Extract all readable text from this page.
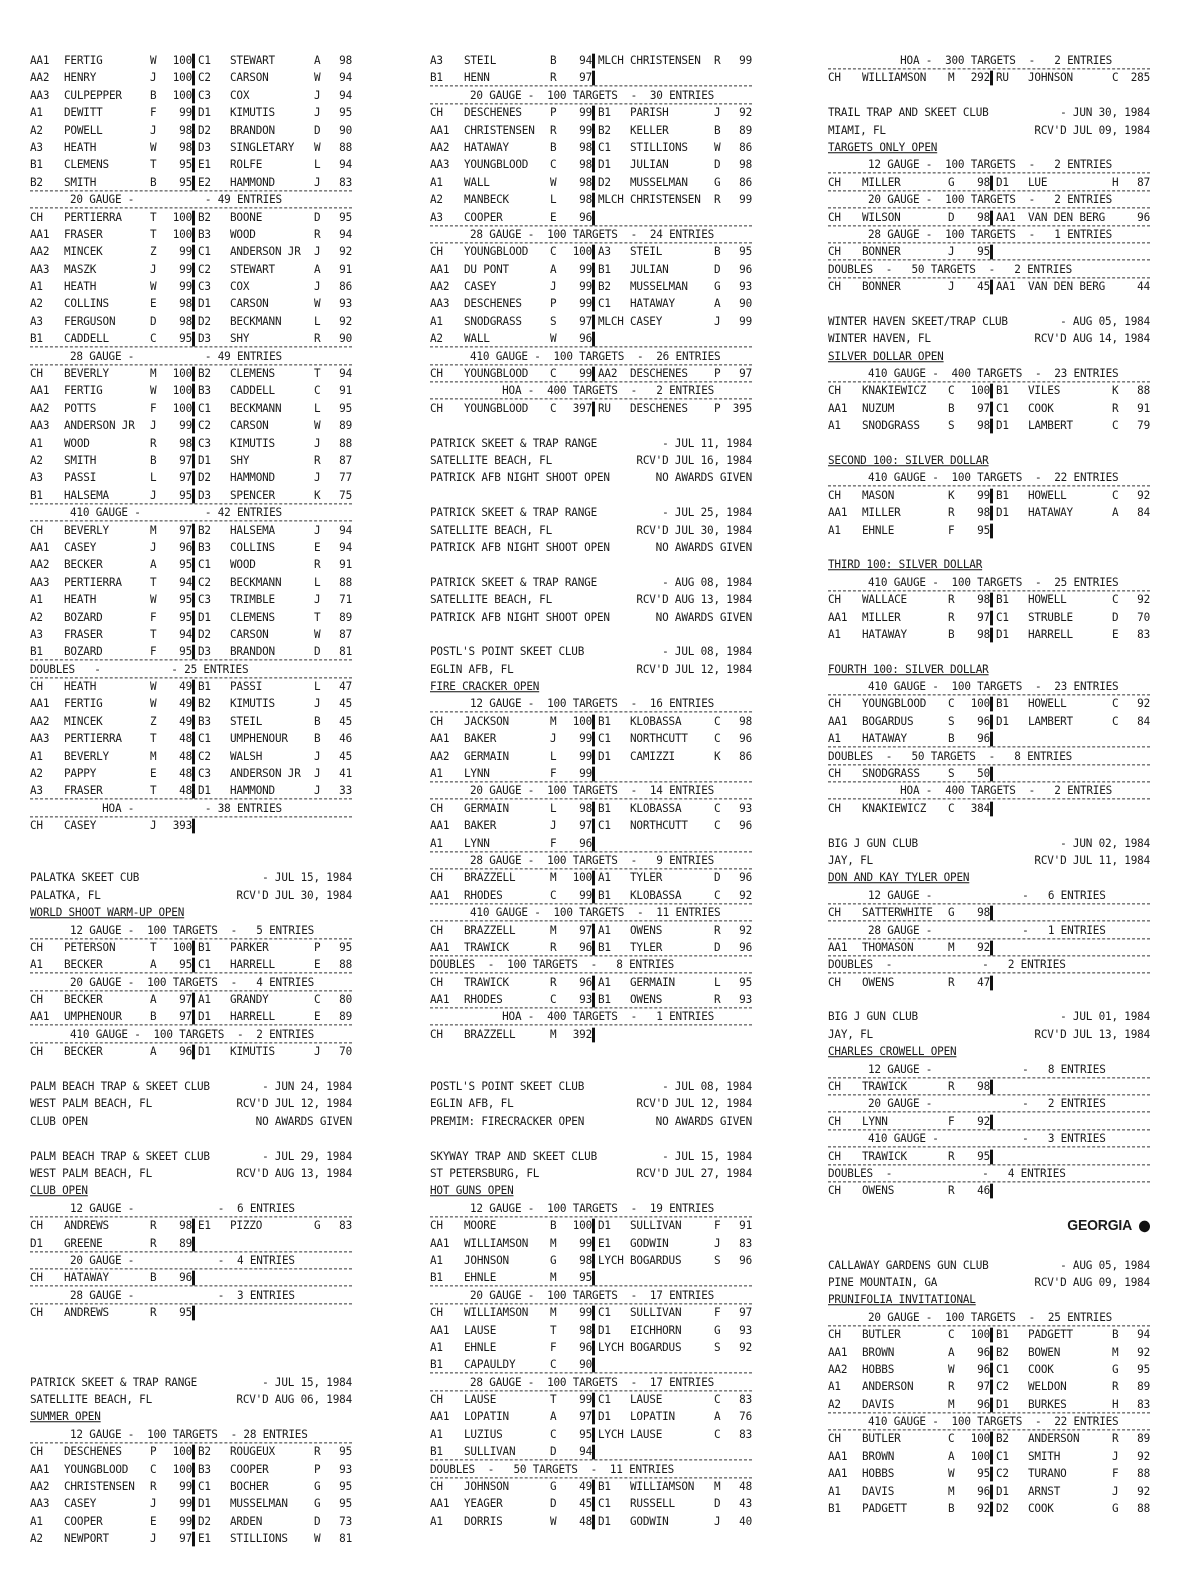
AA1 FERTIG	W 100 C1 STEWART	A 98
AA2 HENRY	J 100 C2 CARSON	W 94
AA3 CULPEPPER	B 100 C3 COX	J 94
A1 DEWITT	F 99 D1 KIMUTIS	J 95
A2 POWELL	J 98 D2 BRANDON	D 90
A3 HEATH	W 98 D3 SINGLETARY W 88
B1 CLEMENS	T 95 E1 ROLFE	L 94
B2 SMITH	B 95 E2 HAMMOND	J 83
20 GAUGE -           - 49 ENTRIES
CH PERTIERRA	T 100 B2 BOONE	D 95
AA1 FRASER	T 100 B3 WOOD	R 94
AA2 MINCEK	Z 99 C1 ANDERSON JR J 92
AA3 MASZK	J 99 C2 STEWART	A 91
A1 HEATH	W 99 C3 COX	J 86
A2 COLLINS	E 98 D1 CARSON	W 93
A3 FERGUSON	D 98 D2 BECKMANN	L 92
B1 CADDELL	C 95 D3 SHY	R 90
28 GAUGE -           - 49 ENTRIES
CH BEVERLY	M 100 B2 CLEMENS	T 94
AA1 FERTIG	W 100 B3 CADDELL	C 91
AA2 POTTS	F 100 C1 BECKMANN	L 95
AA3 ANDERSON JR J 99 C2 CARSON	W 89
A1 WOOD	R 98 C3 KIMUTIS	J 88
A2 SMITH	B 97 D1 SHY	R 87
A3 PASSI	L 97 D2 HAMMOND	J 77
B1 HALSEMA	J 95 D3 SPENCER	K 75
410 GAUGE -          - 42 ENTRIES
CH BEVERLY	M 97 B2 HALSEMA	J 94
AA1 CASEY	J 96 B3 COLLINS	E 94
AA2 BECKER	A 95 C1 WOOD	R 91
AA3 PERTIERRA	T 94 C2 BECKMANN	L 88
A1 HEATH	W 95 C3 TRIMBLE	J 71
A2 BOZARD	F 95 D1 CLEMENS	T 89
A3 FRASER	T 94 D2 CARSON	W 87
B1 BOZARD	F 95 D3 BRANDON	D 81
DOUBLES   -           - 25 ENTRIES
CH HEATH	W 49 B1 PASSI	L 47
AA1 FERTIG	W 49 B2 KIMUTIS	J 45
AA2 MINCEK	Z 49 B3 STEIL	B 45
AA3 PERTIERRA	T 48 C1 UMPHENOUR B 46
A1 BEVERLY	M 48 C2 WALSH	J 45
A2 PAPPY	E 48 C3 ANDERSON JR J 41
A3 FRASER	T 48 D1 HAMMOND	J 33
HOA -           - 38 ENTRIES
CH CASEY	J 393
PALATKA SKEET CUB	- JUL 15, 1984
PALATKA, FL	RCV'D JUL 30, 1984
WORLD SHOOT WARM-UP OPEN
12 GAUGE -  100 TARGETS  -   5 ENTRIES
CH PETERSON	T 100 B1 PARKER	P 95
A1 BECKER	A 95 C1 HARRELL	E 88
20 GAUGE -  100 TARGETS  -   4 ENTRIES
CH BECKER	A 97 A1 GRANDY	C 80
AA1 UMPHENOUR	B 97 D1 HARRELL	E 89
410 GAUGE -  100 TARGETS  -  2 ENTRIES
CH BECKER	A 96 D1 KIMUTIS	J 70
PALM BEACH TRAP & SKEET CLUB	- JUN 24, 1984
WEST PALM BEACH, FL	RCV'D JUL 12, 1984
CLUB OPEN	NO AWARDS GIVEN
PALM BEACH TRAP & SKEET CLUB	- JUL 29, 1984
WEST PALM BEACH, FL	RCV'D AUG 13, 1984
CLUB OPEN
12 GAUGE -             -  6 ENTRIES
CH ANDREWS	R 98 E1 PIZZO	G 83
D1 GREENE	R 89
20 GAUGE -             -  4 ENTRIES
CH HATAWAY	B 96
28 GAUGE -             -  3 ENTRIES
CH ANDREWS	R 95
PATRICK SKEET & TRAP RANGE	- JUL 15, 1984
SATELLITE BEACH, FL	RCV'D AUG 06, 1984
SUMMER OPEN
12 GAUGE -  100 TARGETS  - 28 ENTRIES
CH DESCHENES	P 100 B2 ROUGEUX	R 95
AA1 YOUNGBLOOD C 100 B3 COOPER	P 93
AA2 CHRISTENSEN R 99 C1 BOCHER	G 95
AA3 CASEY	J 99 D1 MUSSELMAN G 95
A1 COOPER	E 99 D2 ARDEN	D 73
A2 NEWPORT	J 97 E1 STILLIONS W 81
A3 STEIL	B 94 MLCH CHRISTENSEN R 99
B1 HENN	R 97
20 GAUGE -  100 TARGETS  -  30 ENTRIES
CH DESCHENES	P 99 B1 PARISH	J 92
AA1 CHRISTENSEN R 99 B2 KELLER	B 89
AA2 HATAWAY	B 98 C1 STILLIONS W 86
AA3 YOUNGBLOOD C 98 D1 JULIAN	D 98
A1 WALL	W 98 D2 MUSSELMAN G 86
A2 MANBECK	L 98 MLCH CHRISTENSEN R 99
A3 COOPER	E 96
28 GAUGE -  100 TARGETS  -  24 ENTRIES
CH YOUNGBLOOD C 100 A3 STEIL	B 95
AA1 DU PONT	A 99 B1 JULIAN	D 96
AA2 CASEY	J 99 B2 MUSSELMAN G 93
AA3 DESCHENES	P 99 C1 HATAWAY	A 90
A1 SNODGRASS	S 97 MLCH CASEY	J 99
A2 WALL	W 96
410 GAUGE -  100 TARGETS  -  26 ENTRIES
CH YOUNGBLOOD C 99 AA2 DESCHENES P 97
HOA -  400 TARGETS  -   2 ENTRIES
CH YOUNGBLOOD C 397 RU DESCHENES P 395
PATRICK SKEET & TRAP RANGE	- JUL 11, 1984
SATELLITE BEACH, FL	RCV'D JUL 16, 1984
PATRICK AFB NIGHT SHOOT OPEN	NO AWARDS GIVEN
PATRICK SKEET & TRAP RANGE	- JUL 25, 1984
SATELLITE BEACH, FL	RCV'D JUL 30, 1984
PATRICK AFB NIGHT SHOOT OPEN	NO AWARDS GIVEN
PATRICK SKEET & TRAP RANGE	- AUG 08, 1984
SATELLITE BEACH, FL	RCV'D AUG 13, 1984
PATRICK AFB NIGHT SHOOT OPEN	NO AWARDS GIVEN
POSTL'S POINT SKEET CLUB	- JUL 08, 1984
EGLIN AFB, FL	RCV'D JUL 12, 1984
FIRE CRACKER OPEN
12 GAUGE -  100 TARGETS  -  16 ENTRIES
CH JACKSON	M 100 B1 KLOBASSA	C 98
AA1 BAKER	J 99 C1 NORTHCUTT C 96
AA2 GERMAIN	L 99 D1 CAMIZZI	K 86
A1 LYNN	F 99
20 GAUGE -  100 TARGETS  -  14 ENTRIES
CH GERMAIN	L 98 B1 KLOBASSA	C 93
AA1 BAKER	J 97 C1 NORTHCUTT C 96
A1 LYNN	F 96
28 GAUGE -  100 TARGETS  -   9 ENTRIES
CH BRAZZELL	M 100 A1 TYLER	D 96
AA1 RHODES	C 99 B1 KLOBASSA	C 92
410 GAUGE -  100 TARGETS  -  11 ENTRIES
CH BRAZZELL	M 97 A1 OWENS	R 92
AA1 TRAWICK	R 96 B1 TYLER	D 96
DOUBLES  -  100 TARGETS  -   8 ENTRIES
CH TRAWICK	R 96 A1 GERMAIN	L 95
AA1 RHODES	C 93 B1 OWENS	R 93
HOA -  400 TARGETS  -   1 ENTRIES
CH BRAZZELL	M 392
POSTL'S POINT SKEET CLUB	- JUL 08, 1984
EGLIN AFB, FL	RCV'D JUL 12, 1984
PREMIM: FIRECRACKER OPEN	NO AWARDS GIVEN
SKYWAY TRAP AND SKEET CLUB	- JUL 15, 1984
ST PETERSBURG, FL	RCV'D JUL 27, 1984
HOT GUNS OPEN
12 GAUGE -  100 TARGETS  -  19 ENTRIES
CH MOORE	B 100 D1 SULLIVAN	F 91
AA1 WILLIAMSON M 99 E1 GODWIN	J 83
A1 JOHNSON	G 98 LYCH BOGARDUS	S 96
B1 EHNLE	M 95
20 GAUGE -  100 TARGETS  -  17 ENTRIES
CH WILLIAMSON M 99 C1 SULLIVAN	F 97
AA1 LAUSE	T 98 D1 EICHHORN	G 93
A1 EHNLE	F 96 LYCH BOGARDUS	S 92
B1 CAPAULDY	C 90
28 GAUGE -  100 TARGETS  -  17 ENTRIES
CH LAUSE	T 99 C1 LAUSE	C 83
AA1 LOPATIN	A 97 D1 LOPATIN	A 76
A1 LUZIUS	C 95 LYCH LAUSE	C 83
B1 SULLIVAN	D 94
DOUBLES  -   50 TARGETS  -  11 ENTRIES
CH JOHNSON	G 49 B1 WILLIAMSON M 48
AA1 YEAGER	D 45 C1 RUSSELL	D 43
A1 DORRIS	W 48 D1 GODWIN	J 40
HOA -  300 TARGETS  -   2 ENTRIES
CH WILLIAMSON M 292 RU JOHNSON	C 285
TRAIL TRAP AND SKEET CLUB	- JUN 30, 1984
MIAMI, FL	RCV'D JUL 09, 1984
TARGETS ONLY OPEN
12 GAUGE -  100 TARGETS  -   2 ENTRIES
CH MILLER	G 98 D1 LUE	H 87
20 GAUGE -  100 TARGETS  -   2 ENTRIES
CH WILSON	D 98 AA1 VAN DEN BERG	96
28 GAUGE -  100 TARGETS  -   1 ENTRIES
CH BONNER	J 95
DOUBLES  -   50 TARGETS  -   2 ENTRIES
CH BONNER	J 45 AA1 VAN DEN BERG	44
WINTER HAVEN SKEET/TRAP CLUB	- AUG 05, 1984
WINTER HAVEN, FL	RCV'D AUG 14, 1984
SILVER DOLLAR OPEN
410 GAUGE -  400 TARGETS  -  23 ENTRIES
CH KNAKIEWICZ C 100 B1 VILES	K 88
AA1 NUZUM	B 97 C1 COOK	R 91
A1 SNODGRASS	S 98 D1 LAMBERT	C 79
SECOND 100: SILVER DOLLAR
410 GAUGE -  100 TARGETS  -  22 ENTRIES
CH MASON	K 99 B1 HOWELL	C 92
AA1 MILLER	R 98 D1 HATAWAY	A 84
A1 EHNLE	F 95
THIRD 100: SILVER DOLLAR
410 GAUGE -  100 TARGETS  -  25 ENTRIES
CH WALLACE	R 98 B1 HOWELL	C 92
AA1 MILLER	R 97 C1 STRUBLE	D 70
A1 HATAWAY	B 98 D1 HARRELL	E 83
FOURTH 100: SILVER DOLLAR
410 GAUGE -  100 TARGETS  -  23 ENTRIES
CH YOUNGBLOOD C 100 B1 HOWELL	C 92
AA1 BOGARDUS	S 96 D1 LAMBERT	C 84
A1 HATAWAY	B 96
DOUBLES  -   50 TARGETS  -   8 ENTRIES
CH SNODGRASS	S 50
HOA -  400 TARGETS  -   2 ENTRIES
CH KNAKIEWICZ C 384
BIG J GUN CLUB	- JUN 02, 1984
JAY, FL	RCV'D JUL 11, 1984
DON AND KAY TYLER OPEN
12 GAUGE -              -   6 ENTRIES
CH SATTERWHITE G 98
28 GAUGE -              -   1 ENTRIES
AA1 THOMASON	M 92
DOUBLES  -              -   2 ENTRIES
CH OWENS	R 47
BIG J GUN CLUB	- JUL 01, 1984
JAY, FL	RCV'D JUL 13, 1984
CHARLES CROWELL OPEN
12 GAUGE -              -   8 ENTRIES
CH TRAWICK	R 98
20 GAUGE -              -   2 ENTRIES
CH LYNN	F 92
410 GAUGE -             -   3 ENTRIES
CH TRAWICK	R 95
DOUBLES  -              -   4 ENTRIES
CH OWENS	R 46
GEORGIA
CALLAWAY GARDENS GUN CLUB	- AUG 05, 1984
PINE MOUNTAIN, GA	RCV'D AUG 09, 1984
PRUNIFOLIA INVITATIONAL
20 GAUGE -  100 TARGETS  -  25 ENTRIES
CH BUTLER	C 100 B1 PADGETT	B 94
AA1 BROWN	A 96 B2 BOWEN	M 92
AA2 HOBBS	W 96 C1 COOK	G 95
A1 ANDERSON	R 97 C2 WELDON	R 89
A2 DAVIS	M 96 D1 BURKES	H 83
410 GAUGE -  100 TARGETS  -  22 ENTRIES
CH BUTLER	C 100 B2 ANDERSON	R 89
AA1 BROWN	A 100 C1 SMITH	J 92
AA1 HOBBS	W 95 C2 TURANO	F 88
A1 DAVIS	M 96 D1 ARNST	J 92
B1 PADGETT	B 92 D2 COOK	G 88
